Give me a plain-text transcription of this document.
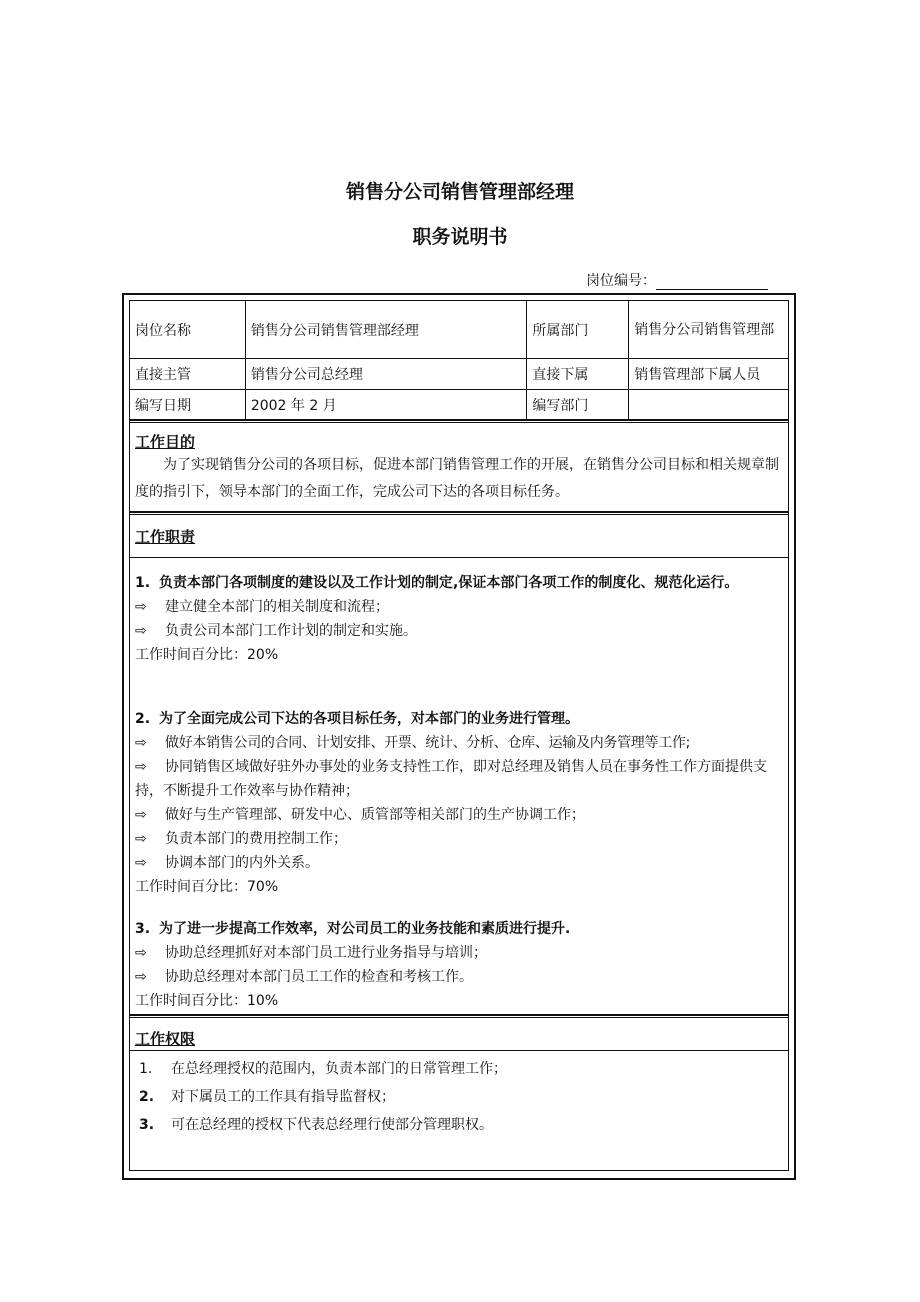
销售分公司销售管理部经理
职务说明书
岗位编号：
岗位名称	销售分公司销售管理部经理	所属部门	销售分公司销售管理部
直接主管	销售分公司总经理	直接下属	销售管理部下属人员
编写日期	2002 年 2 月	编写部门	
工作目的
为了实现销售分公司的各项目标，促进本部门销售管理工作的开展，在销售分公司目标和相关规章制度的指引下，领导本部门的全面工作，完成公司下达的各项目标任务。
工作职责
1. 负责本部门各项制度的建设以及工作计划的制定,保证本部门各项工作的制度化、规范化运行。
⇨ 建立健全本部门的相关制度和流程；
⇨ 负责公司本部门工作计划的制定和实施。
工作时间百分比：20%
2. 为了全面完成公司下达的各项目标任务，对本部门的业务进行管理。
⇨ 做好本销售公司的合同、计划安排、开票、统计、分析、仓库、运输及内务管理等工作;
⇨ 协同销售区域做好驻外办事处的业务支持性工作，即对总经理及销售人员在事务性工作方面提供支持，不断提升工作效率与协作精神；
⇨ 做好与生产管理部、研发中心、质管部等相关部门的生产协调工作；
⇨ 负责本部门的费用控制工作；
⇨ 协调本部门的内外关系。
工作时间百分比：70%
3. 为了进一步提高工作效率，对公司员工的业务技能和素质进行提升.
⇨ 协助总经理抓好对本部门员工进行业务指导与培训；
⇨ 协助总经理对本部门员工工作的检查和考核工作。
工作时间百分比：10%
工作权限
1. 在总经理授权的范围内，负责本部门的日常管理工作；
2. 对下属员工的工作具有指导监督权；
3. 可在总经理的授权下代表总经理行使部分管理职权。
